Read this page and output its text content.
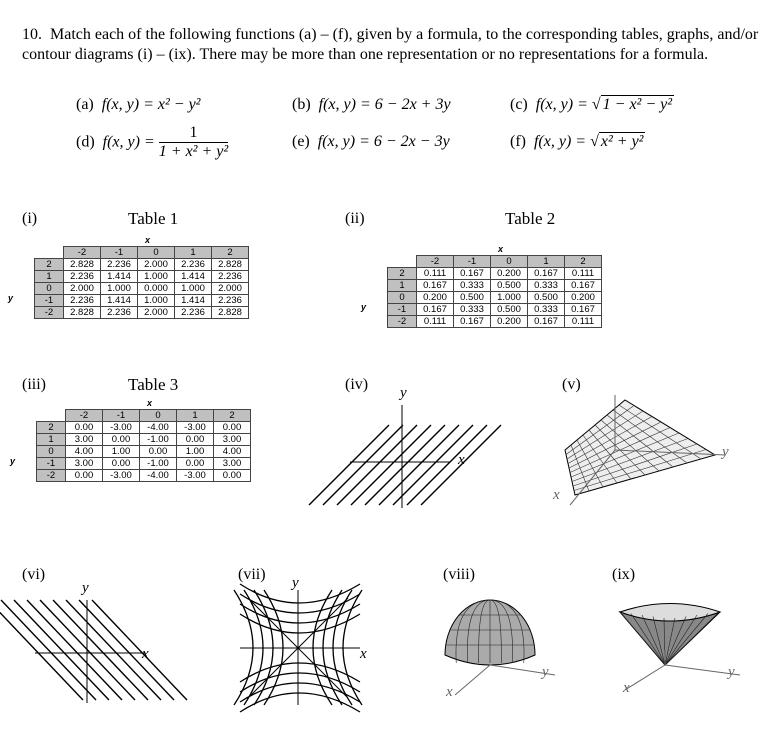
10. Match each of the following functions (a) – (f), given by a formula, to the corresponding tables, graphs, and/or contour diagrams (i) – (ix). There may be more than one representation or no representations for a formula.
(a) f(x, y) = x² − y²	(b) f(x, y) = 6 − 2x + 3y	(c) f(x, y) = √ 1 − x² − y²
(d) f(x, $y) = \frac{1}{\text{1 + x² + y²}}$	(e) f(x, y) = 6 − 2x − 3y	(f) f(x, y) = √ x² + y²
(i)	Table 1	(ii)	Table 2
(iii)	Table 3
x
y
	-2	-1	0	1	2
2	2.828	2.236	2.000	2.236	2.828
1	2.236	1.414	1.000	1.414	2.236
0	2.000	1.000	0.000	1.000	2.000
-1	2.236	1.414	1.000	1.414	2.236
-2	2.828	2.236	2.000	2.236	2.828
x
y
	-2	-1	0	1	2
2	0.111	0.167	0.200	0.167	0.111
1	0.167	0.333	0.500	0.333	0.167
0	0.200	0.500	1.000	0.500	0.200
-1	0.167	0.333	0.500	0.333	0.167
-2	0.111	0.167	0.200	0.167	0.111
x
y
	-2	-1	0	1	2
2	0.00	-3.00	-4.00	-3.00	0.00
1	3.00	0.00	-1.00	0.00	3.00
0	4.00	1.00	0.00	1.00	4.00
-1	3.00	0.00	-1.00	0.00	3.00
-2	0.00	-3.00	-4.00	-3.00	0.00
(iv)	(v)
(vi)	(vii)	(viii)	(ix)
y
x	y
x
y
x
y
x
y
x
y
x
